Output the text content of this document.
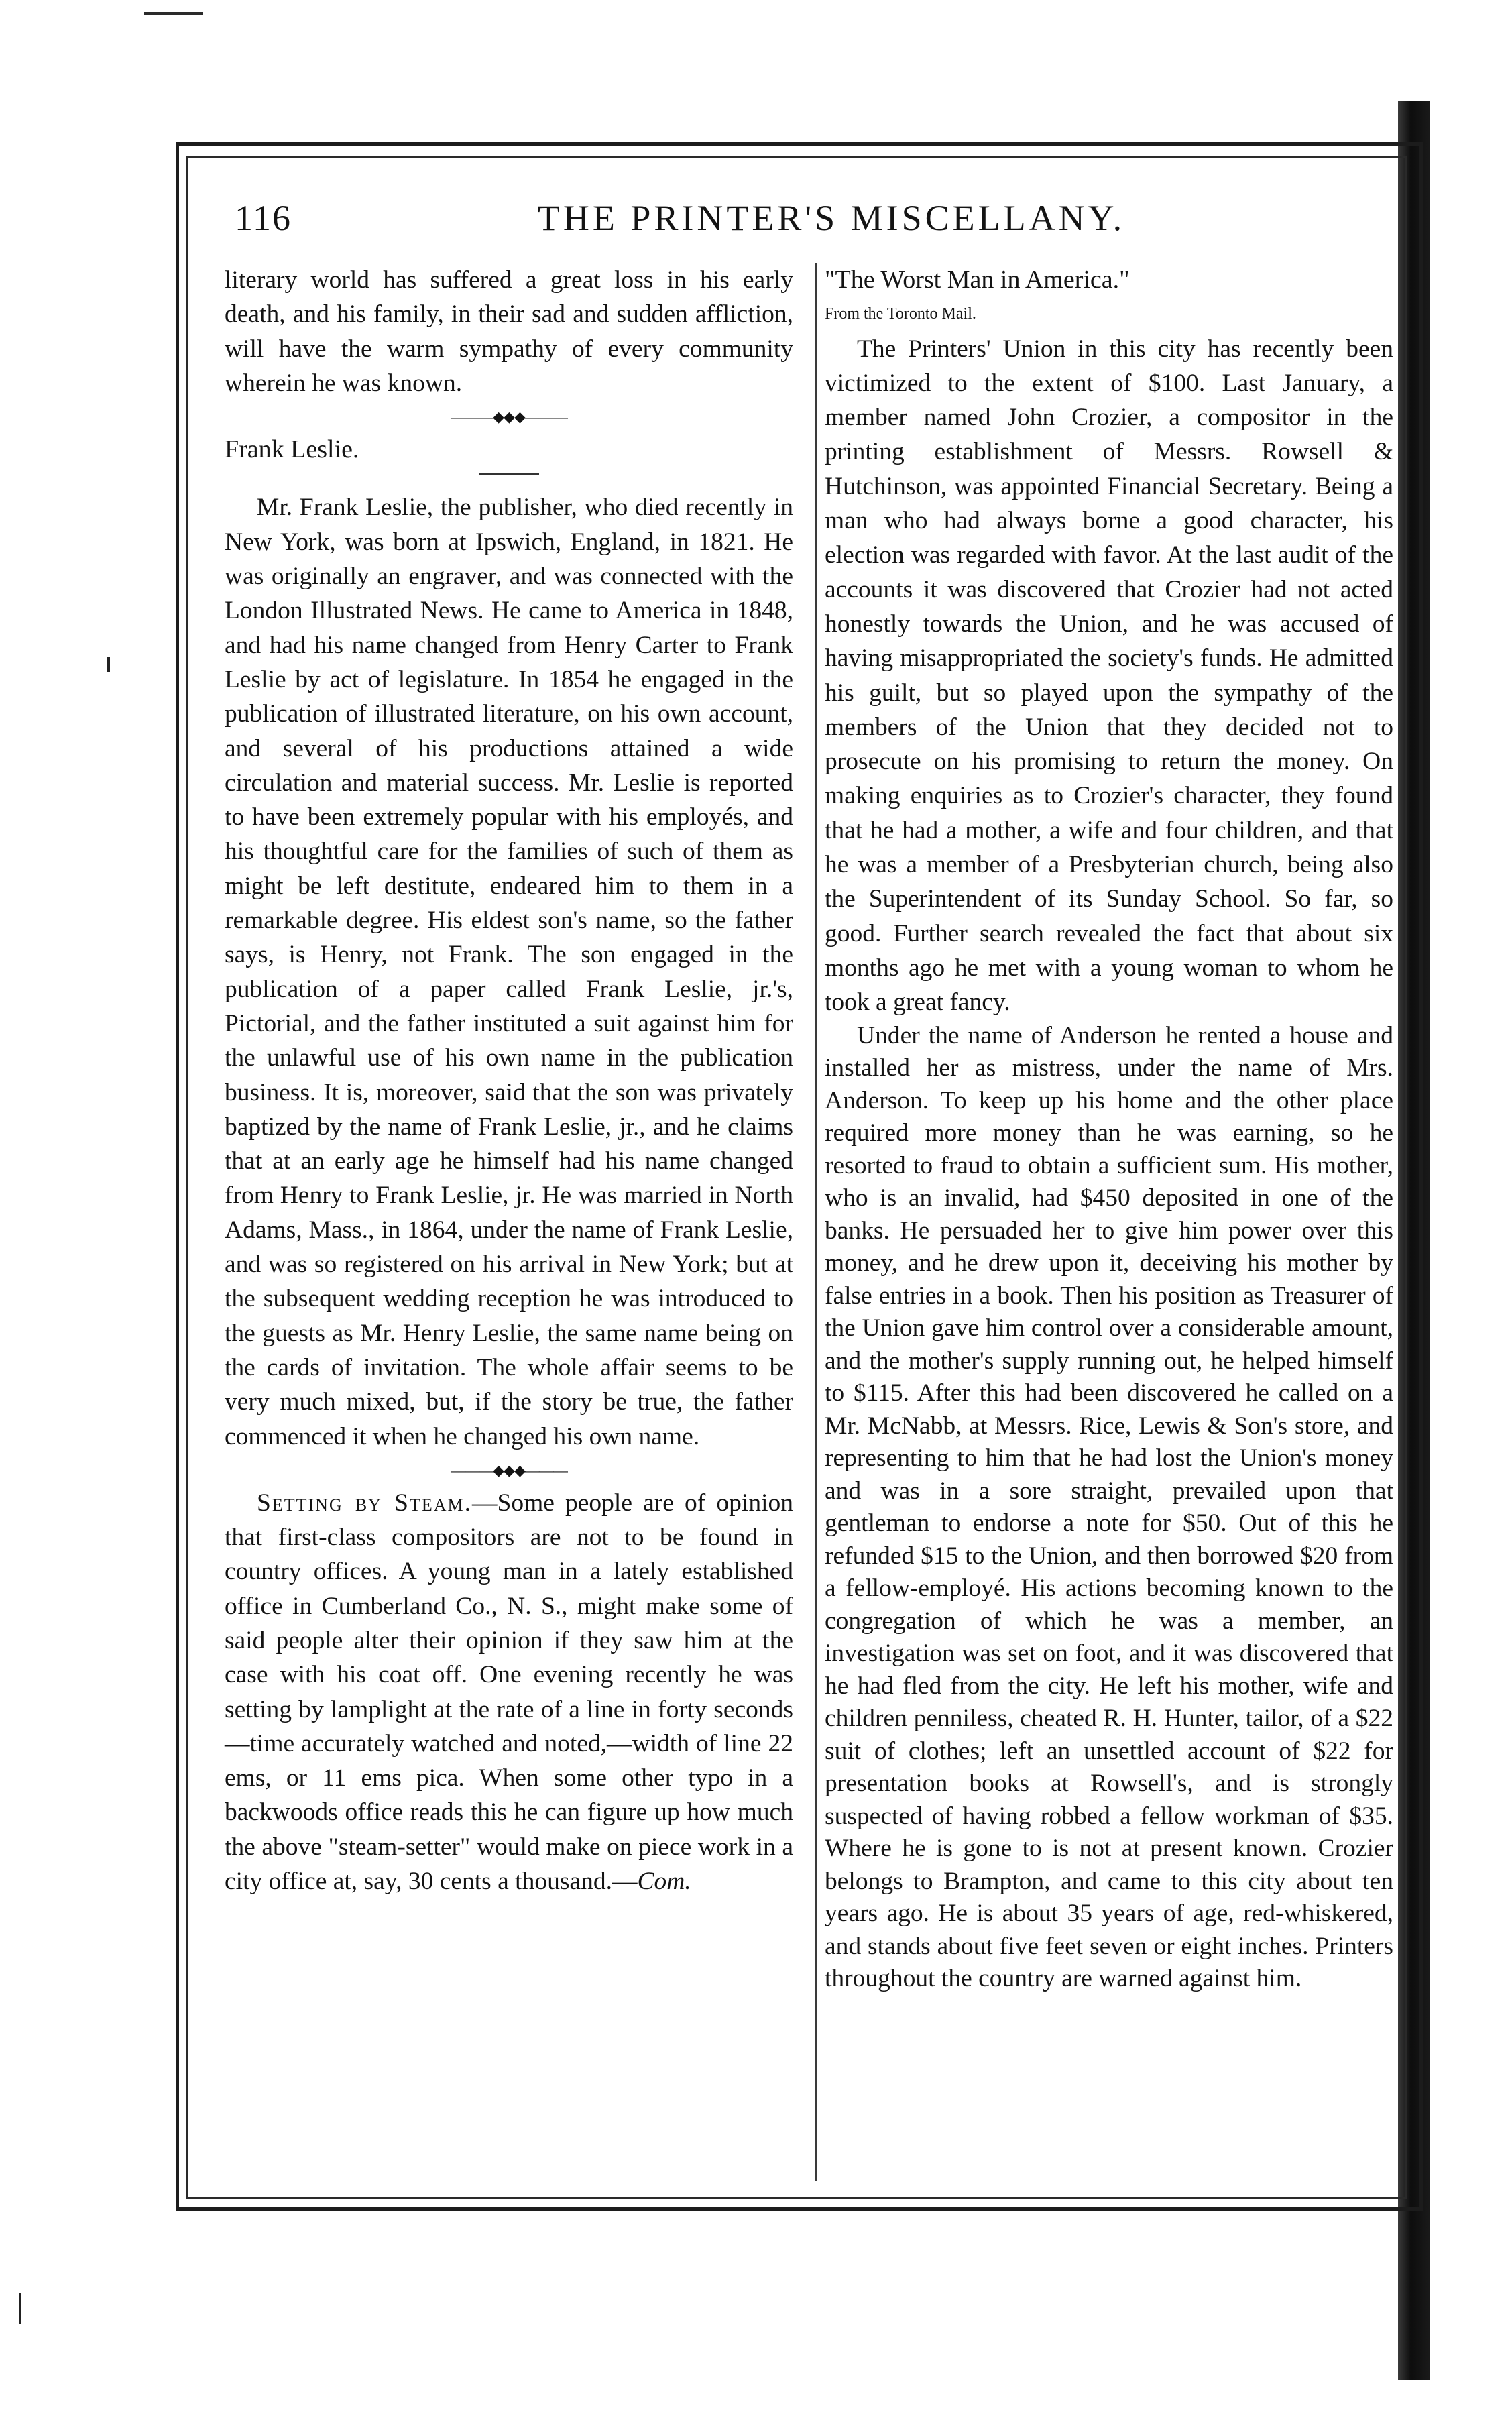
116	THE PRINTER'S MISCELLANY.

literary world has suffered a great loss in his early death, and his family, in their sad and sudden affliction, will have the warm sympathy of every community wherein he was known.

———◆◆◆———

Frank Leslie.

Mr. Frank Leslie, the publisher, who died recently in New York, was born at Ipswich, England, in 1821. He was originally an engraver, and was connected with the London Illustrated News. He came to America in 1848, and had his name changed from Henry Carter to Frank Leslie by act of legislature. In 1854 he engaged in the publication of illustrated literature, on his own account, and several of his productions attained a wide circulation and material success. Mr. Leslie is reported to have been extremely popular with his employés, and his thoughtful care for the families of such of them as might be left destitute, endeared him to them in a remarkable degree. His eldest son's name, so the father says, is Henry, not Frank. The son engaged in the publication of a paper called Frank Leslie, jr.'s, Pictorial, and the father instituted a suit against him for the unlawful use of his own name in the publication business. It is, moreover, said that the son was privately baptized by the name of Frank Leslie, jr., and he claims that at an early age he himself had his name changed from Henry to Frank Leslie, jr. He was married in North Adams, Mass., in 1864, under the name of Frank Leslie, and was so registered on his arrival in New York; but at the subsequent wedding reception he was introduced to the guests as Mr. Henry Leslie, the same name being on the cards of invitation. The whole affair seems to be very much mixed, but, if the story be true, the father commenced it when he changed his own name.

———◆◆◆———

Setting by Steam.—Some people are of opinion that first-class compositors are not to be found in country offices. A young man in a lately established office in Cumberland Co., N. S., might make some of said people alter their opinion if they saw him at the case with his coat off. One evening recently he was setting by lamplight at the rate of a line in forty seconds—time accurately watched and noted,—width of line 22 ems, or 11 ems pica. When some other typo in a backwoods office reads this he can figure up how much the above "steam-setter" would make on piece work in a city office at, say, 30 cents a thousand.—Com.

"The Worst Man in America."

From the Toronto Mail.

The Printers' Union in this city has recently been victimized to the extent of $100. Last January, a member named John Crozier, a compositor in the printing establishment of Messrs. Rowsell & Hutchinson, was appointed Financial Secretary. Being a man who had always borne a good character, his election was regarded with favor. At the last audit of the accounts it was discovered that Crozier had not acted honestly towards the Union, and he was accused of having misappropriated the society's funds. He admitted his guilt, but so played upon the sympathy of the members of the Union that they decided not to prosecute on his promising to return the money. On making enquiries as to Crozier's character, they found that he had a mother, a wife and four children, and that he was a member of a Presbyterian church, being also the Superintendent of its Sunday School. So far, so good. Further search revealed the fact that about six months ago he met with a young woman to whom he took a great fancy.

Under the name of Anderson he rented a house and installed her as mistress, under the name of Mrs. Anderson. To keep up his home and the other place required more money than he was earning, so he resorted to fraud to obtain a sufficient sum. His mother, who is an invalid, had $450 deposited in one of the banks. He persuaded her to give him power over this money, and he drew upon it, deceiving his mother by false entries in a book. Then his position as Treasurer of the Union gave him control over a considerable amount, and the mother's supply running out, he helped himself to $115. After this had been discovered he called on a Mr. McNabb, at Messrs. Rice, Lewis & Son's store, and representing to him that he had lost the Union's money and was in a sore straight, prevailed upon that gentleman to endorse a note for $50. Out of this he refunded $15 to the Union, and then borrowed $20 from a fellow-employé. His actions becoming known to the congregation of which he was a member, an investigation was set on foot, and it was discovered that he had fled from the city. He left his mother, wife and children penniless, cheated R. H. Hunter, tailor, of a $22 suit of clothes; left an unsettled account of $22 for presentation books at Rowsell's, and is strongly suspected of having robbed a fellow workman of $35. Where he is gone to is not at present known. Crozier belongs to Brampton, and came to this city about ten years ago. He is about 35 years of age, red-whiskered, and stands about five feet seven or eight inches. Printers throughout the country are warned against him.
